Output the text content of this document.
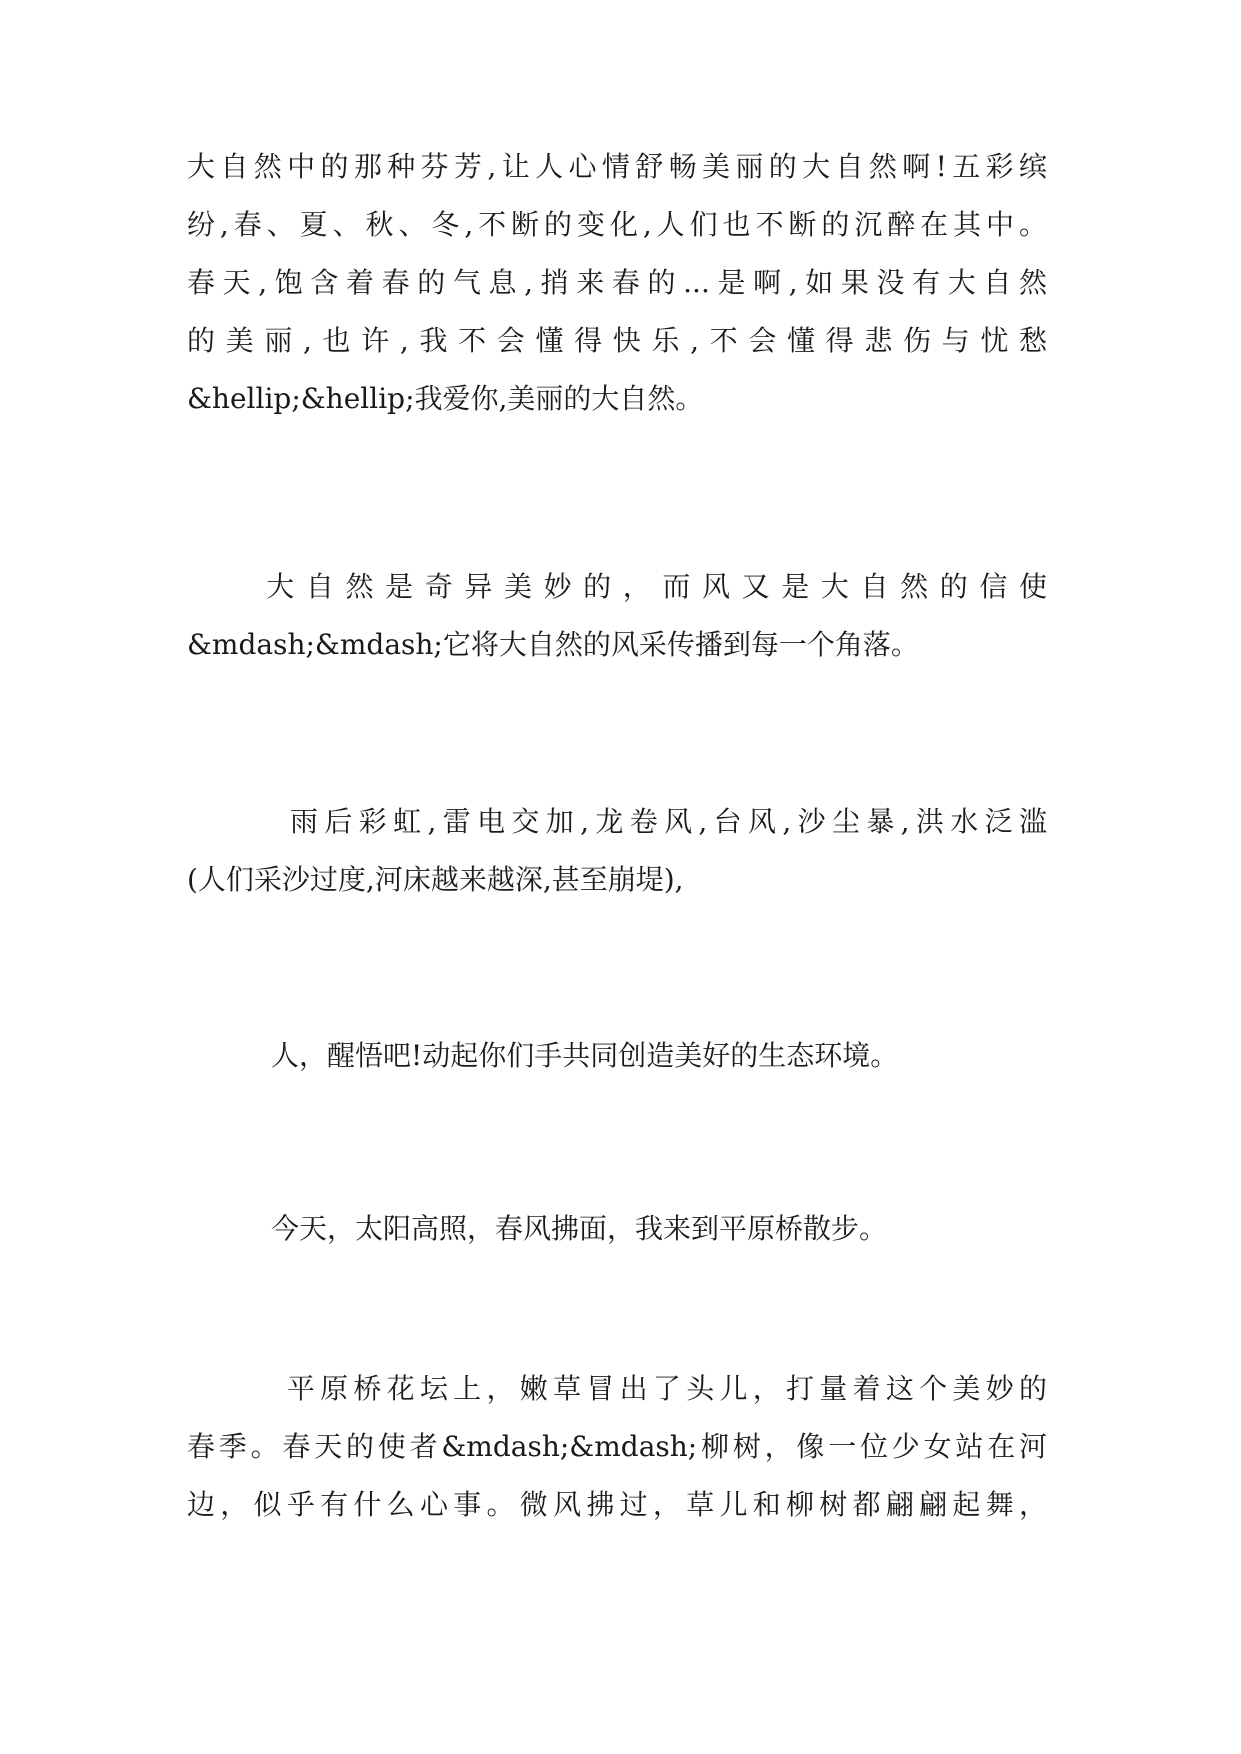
大自然中的那种芬芳,让人心情舒畅美丽的大自然啊!五彩缤
纷,春、夏、秋、冬,不断的变化,人们也不断的沉醉在其中。
春天,饱含着春的气息,捎来春的...是啊,如果没有大自然
的美丽,也许,我不会懂得快乐,不会懂得悲伤与忧愁
&hellip;&hellip;我爱你,美丽的大自然。
　　大自然是奇异美妙的，而风又是大自然的信使
&mdash;&mdash;它将大自然的风采传播到每一个角落。
　　　雨后彩虹,雷电交加,龙卷风,台风,沙尘暴,洪水泛滥
(人们采沙过度,河床越来越深,甚至崩堤),
　　　人，醒悟吧!动起你们手共同创造美好的生态环境。
　　　今天，太阳高照，春风拂面，我来到平原桥散步。
　　　平原桥花坛上，嫩草冒出了头儿，打量着这个美妙的
春季。春天的使者&mdash;&mdash;柳树，像一位少女站在河
边，似乎有什么心事。微风拂过，草儿和柳树都翩翩起舞，
